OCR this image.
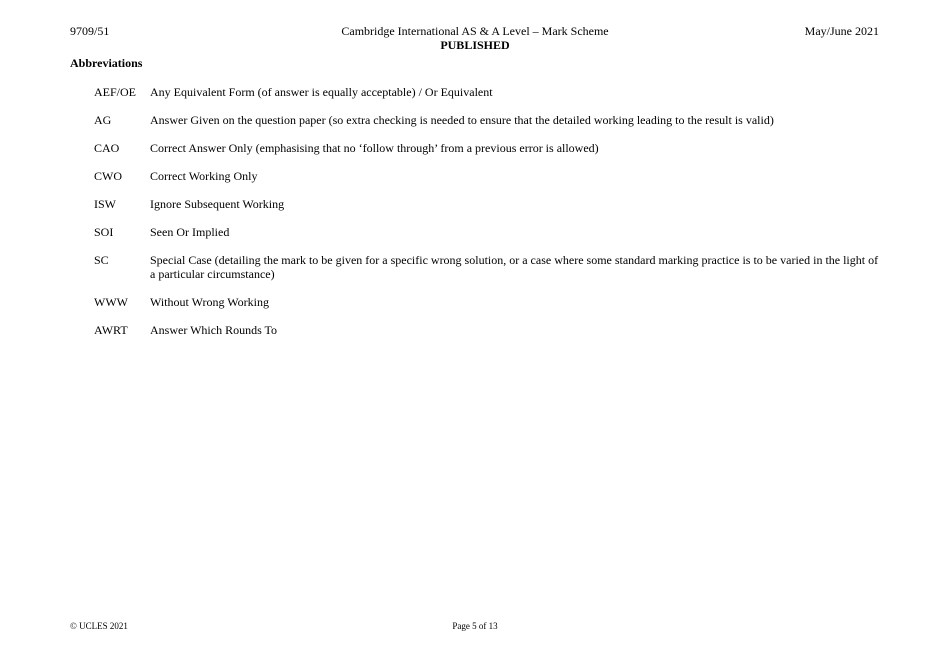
9709/51	Cambridge International AS & A Level – Mark Scheme
PUBLISHED
May/June 2021
Abbreviations
AEF/OE	Any Equivalent Form (of answer is equally acceptable) / Or Equivalent
AG	Answer Given on the question paper (so extra checking is needed to ensure that the detailed working leading to the result is valid)
CAO	Correct Answer Only (emphasising that no ‘follow through’ from a previous error is allowed)
CWO	Correct Working Only
ISW	Ignore Subsequent Working
SOI	Seen Or Implied
SC	Special Case (detailing the mark to be given for a specific wrong solution, or a case where some standard marking practice is to be varied in the light of a particular circumstance)
WWW	Without Wrong Working
AWRT	Answer Which Rounds To
© UCLES 2021	Page 5 of 13
